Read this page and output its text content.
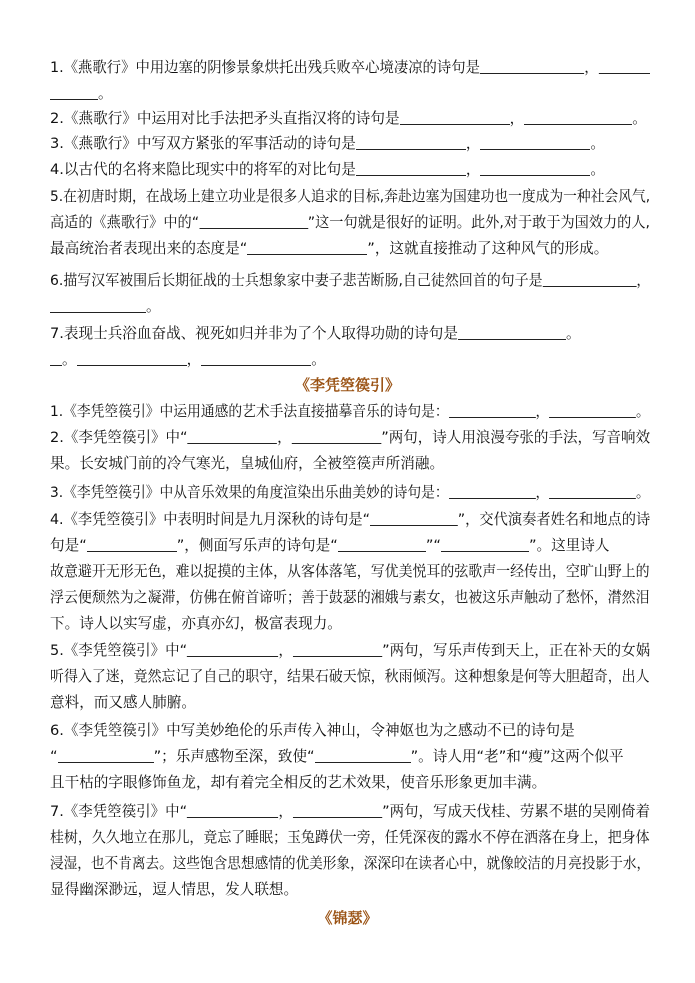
1.《燕歌行》中用边塞的阴惨景象烘托出残兵败卒心境凄凉的诗句是	，
。
2.《燕歌行》中运用对比手法把矛头直指汉将的诗句是	，	。
3.《燕歌行》中写双方紧张的军事活动的诗句是	，	。
4.以古代的名将来隐比现实中的将军的对比句是	，	。
5.在初唐时期，在战场上建立功业是很多人追求的目标,奔赴边塞为国建功也一度成为一种社会风气,
高适的《燕歌行》中的“	”这一句就是很好的证明。此外,对于敢于为国效力的人,
最高统治者表现出来的态度是“	”，这就直接推动了这种风气的形成。
6.描写汉军被围后长期征战的士兵想象家中妻子悲苦断肠,自己徒然回首的句子是	，
。
7.表现士兵浴血奋战、视死如归并非为了个人取得功勋的诗句是	。
。	，	。
《李凭箜篌引》
1.《李凭箜篌引》中运用通感的艺术手法直接描摹音乐的诗句是：	，	。
2.《李凭箜篌引》中“	，	”两句，诗人用浪漫夸张的手法，写音响效
果。长安城门前的冷气寒光，皇城仙府，全被箜篌声所消融。
3.《李凭箜篌引》中从音乐效果的角度渲染出乐曲美妙的诗句是：	，	。
4.《李凭箜篌引》中表明时间是九月深秋的诗句是“	”，交代演奏者姓名和地点的诗
句是“	”，侧面写乐声的诗句是“	”“	”。这里诗人
故意避开无形无色，难以捉摸的主体，从客体落笔，写优美悦耳的弦歌声一经传出，空旷山野上的
浮云便颓然为之凝滞，仿佛在俯首谛听；善于鼓瑟的湘娥与素女，也被这乐声触动了愁怀，潸然泪
下。诗人以实写虚，亦真亦幻，极富表现力。
5.《李凭箜篌引》中“	，	”两句，写乐声传到天上，正在补天的女娲
听得入了迷，竟然忘记了自己的职守，结果石破天惊，秋雨倾泻。这种想象是何等大胆超奇，出人
意料，而又感人肺腑。
6.《李凭箜篌引》中写美妙绝伦的乐声传入神山，令神妪也为之感动不已的诗句是
“	”；乐声感物至深，致使“	”。诗人用“老”和“瘦”这两个似平
且干枯的字眼修饰鱼龙，却有着完全相反的艺术效果，使音乐形象更加丰满。
7.《李凭箜篌引》中“	，	”两句，写成天伐桂、劳累不堪的吴刚倚着
桂树，久久地立在那儿，竟忘了睡眠；玉兔蹲伏一旁，任凭深夜的露水不停在洒落在身上，把身体
浸湿，也不肯离去。这些饱含思想感情的优美形象，深深印在读者心中，就像皎洁的月亮投影于水，
显得幽深渺远，逗人情思，发人联想。
《锦瑟》
